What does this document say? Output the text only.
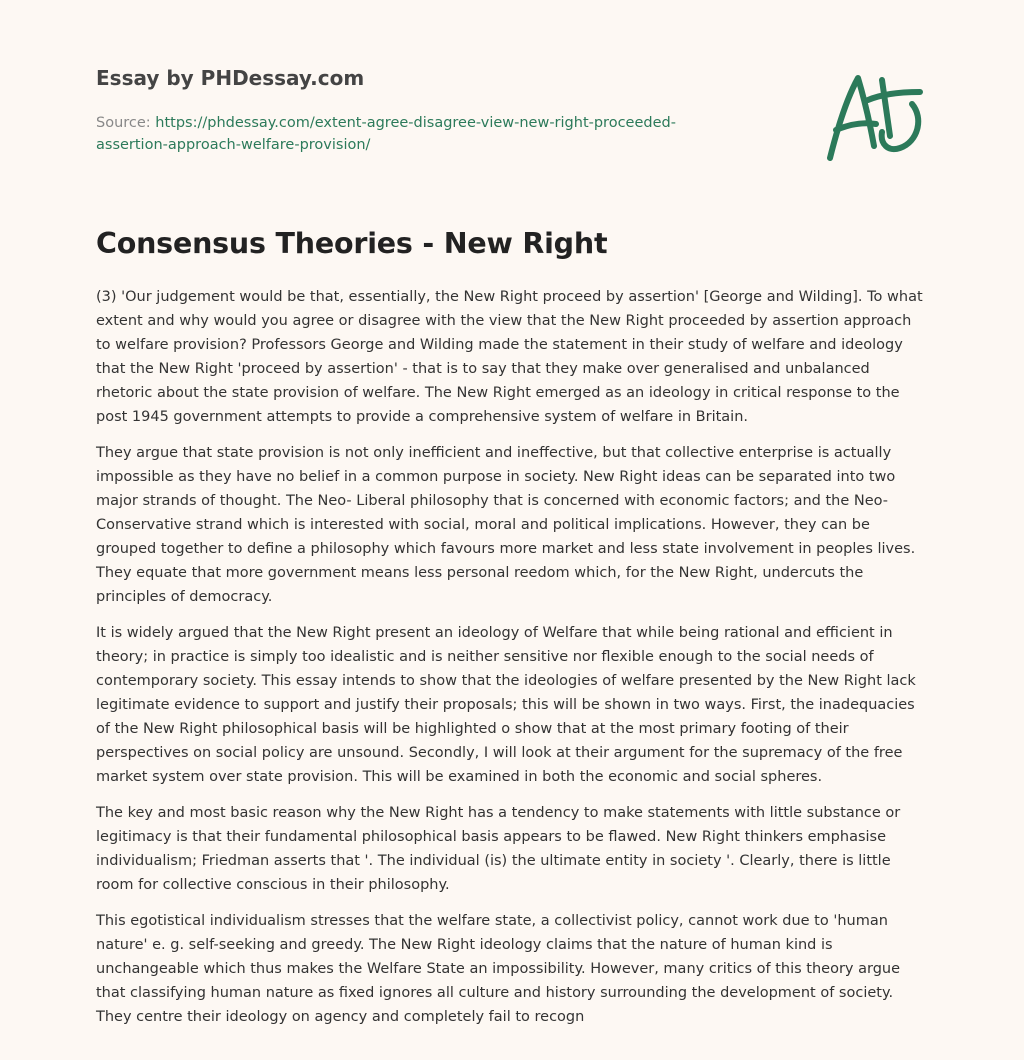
Essay by PHDessay.com
Source: https://phdessay.com/extent-agree-disagree-view-new-right-proceeded-assertion-approach-welfare-provision/
Consensus Theories - New Right

(3) 'Our judgement would be that, essentially, the New Right proceed by assertion' [George and Wilding]. To what extent and why would you agree or disagree with the view that the New Right proceeded by assertion approach to welfare provision? Professors George and Wilding made the statement in their study of welfare and ideology that the New Right 'proceed by assertion' - that is to say that they make over generalised and unbalanced rhetoric about the state provision of welfare. The New Right emerged as an ideology in critical response to the post 1945 government attempts to provide a comprehensive system of welfare in Britain.

They argue that state provision is not only inefficient and ineffective, but that collective enterprise is actually impossible as they have no belief in a common purpose in society. New Right ideas can be separated into two major strands of thought. The Neo- Liberal philosophy that is concerned with economic factors; and the Neo-Conservative strand which is interested with social, moral and political implications. However, they can be grouped together to define a philosophy which favours more market and less state involvement in peoples lives. They equate that more government means less personal reedom which, for the New Right, undercuts the principles of democracy.

It is widely argued that the New Right present an ideology of Welfare that while being rational and efficient in theory; in practice is simply too idealistic and is neither sensitive nor flexible enough to the social needs of contemporary society. This essay intends to show that the ideologies of welfare presented by the New Right lack legitimate evidence to support and justify their proposals; this will be shown in two ways. First, the inadequacies of the New Right philosophical basis will be highlighted o show that at the most primary footing of their perspectives on social policy are unsound. Secondly, I will look at their argument for the supremacy of the free market system over state provision. This will be examined in both the economic and social spheres.

The key and most basic reason why the New Right has a tendency to make statements with little substance or legitimacy is that their fundamental philosophical basis appears to be flawed. New Right thinkers emphasise individualism; Friedman asserts that '. The individual (is) the ultimate entity in society '. Clearly, there is little room for collective conscious in their philosophy.

This egotistical individualism stresses that the welfare state, a collectivist policy, cannot work due to 'human nature' e. g. self-seeking and greedy. The New Right ideology claims that the nature of human kind is unchangeable which thus makes the Welfare State an impossibility. However, many critics of this theory argue that classifying human nature as fixed ignores all culture and history surrounding the development of society. They centre their ideology on agency and completely fail to recogn
